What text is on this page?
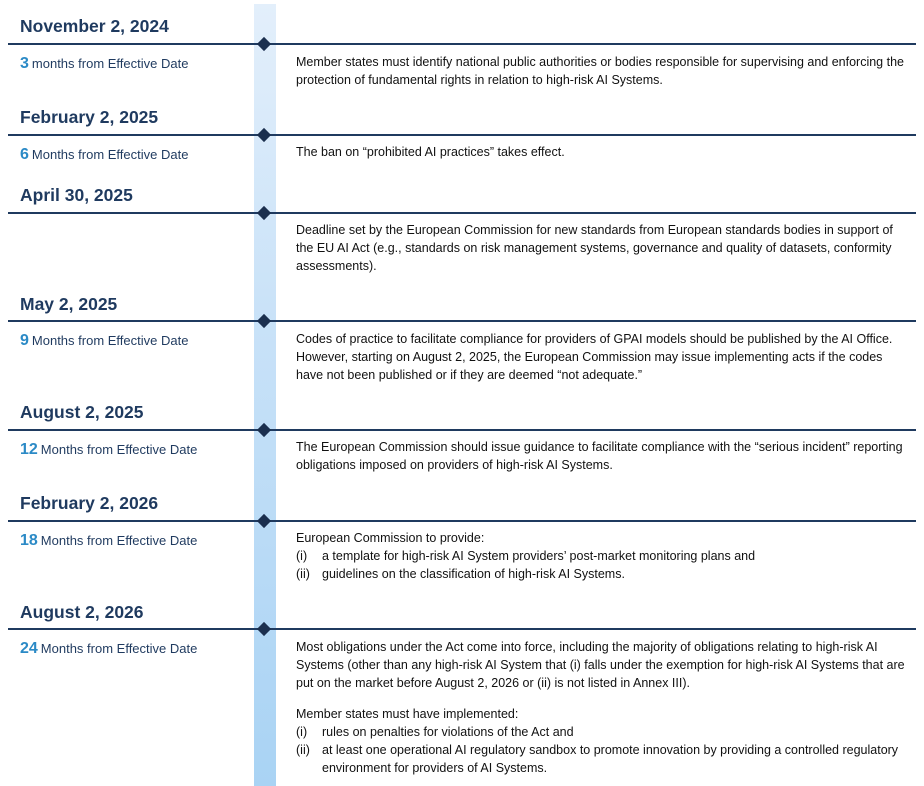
November 2, 2024
3 months from Effective Date	Member states must identify national public authorities or bodies responsible for supervising and enforcing the protection of fundamental rights in relation to high-risk AI Systems.

February 2, 2025
6 Months from Effective Date	The ban on “prohibited AI practices” takes effect.

April 30, 2025

Deadline set by the European Commission for new standards from European standards bodies in support of the EU AI Act (e.g., standards on risk management systems, governance and quality of datasets, conformity assessments).

May 2, 2025
9 Months from Effective Date	Codes of practice to facilitate compliance for providers of GPAI models should be published by the AI Office. However, starting on August 2, 2025, the European Commission may issue implementing acts if the codes have not been published or if they are deemed “not adequate.”

August 2, 2025
12 Months from Effective Date	The European Commission should issue guidance to facilitate compliance with the “serious incident” reporting obligations imposed on providers of high-risk AI Systems.

February 2, 2026
18 Months from Effective Date	European Commission to provide:

(i)	a template for high-risk AI System providers’ post-market monitoring plans and
(ii) guidelines on the classification of high-risk AI Systems.
August 2, 2026
24 Months from Effective Date	Most obligations under the Act come into force, including the majority of obligations relating to high-risk AI Systems (other than any high-risk AI System that (i) falls under the exemption for high-risk AI Systems that are put on the market before August 2, 2026 or (ii) is not listed in Annex III).

Member states must have implemented:

(i)	rules on penalties for violations of the Act and
(ii) at least one operational AI regulatory sandbox to promote innovation by providing a controlled regulatory environment for providers of AI Systems.
